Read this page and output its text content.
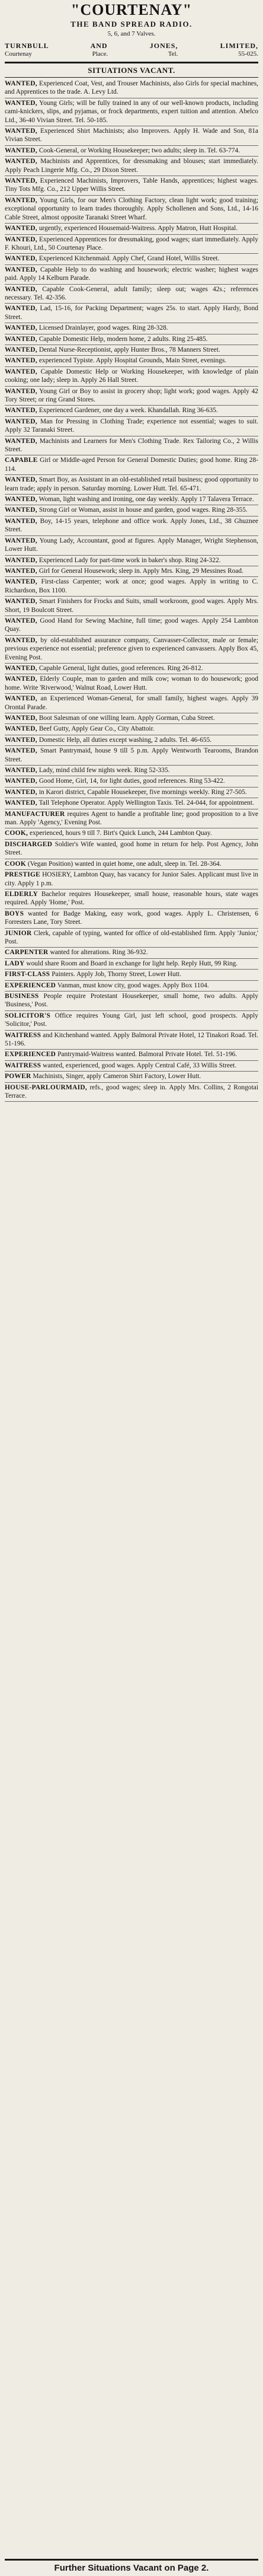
"COURTENAY"
THE BAND SPREAD RADIO.
5, 6, and 7 Valves.
TURNBULL AND JONES, LIMITED,
Courtenay Place. Tel. 55-025.
SITUATIONS VACANT.
WANTED, Experienced Coat, Vest, and Trouser Machinists, also Girls for special machines, and Apprentices to the trade. A. Levy Ltd.
WANTED, Young Girls; will be fully trained in any of our well-known products, including cami-knickers, slips, and pyjamas, or frock departments, expert tuition and attention. Abelco Ltd., 36-40 Vivian Street. Tel. 50-185.
WANTED, Experienced Shirt Machinists; also Improvers. Apply H. Wade and Son, 81a Vivian Street.
WANTED, Cook-General, or Working Housekeeper; two adults; sleep in. Tel. 63-774.
WANTED, Machinists and Apprentices, for dressmaking and blouses; start immediately. Apply Peach Lingerie Mfg. Co., 29 Dixon Street.
WANTED, Experienced Machinists, Improvers, Table Hands, apprentices; highest wages. Tiny Tots Mfg. Co., 212 Upper Willis Street.
WANTED, Young Girls, for our Men's Clothing Factory, clean light work; good training; exceptional opportunity to learn trades thoroughly. Apply Schollenen and Sons, Ltd., 14-16 Cable Street, almost opposite Taranaki Street Wharf.
WANTED, urgently, experienced Housemaid-Waitress. Apply Matron, Hutt Hospital.
WANTED, Experienced Apprentices for dressmaking, good wages; start immediately. Apply F. Khouri, Ltd., 50 Courtenay Place.
WANTED, Experienced Kitchenmaid. Apply Chef, Grand Hotel, Willis Street.
WANTED, Capable Help to do washing and housework; electric washer; highest wages paid. Apply 14 Kelburn Parade.
WANTED, Capable Cook-General, adult family; sleep out; wages 42s.; references necessary. Tel. 42-356.
WANTED, Lad, 15-16, for Packing Department; wages 25s. to start. Apply Hardy, Bond Street.
WANTED, Licensed Drainlayer, good wages. Ring 28-328.
WANTED, Capable Domestic Help, modern home, 2 adults. Ring 25-485.
WANTED, Dental Nurse-Receptionist, apply Hunter Bros., 78 Manners Street.
WANTED, experienced Typiste. Apply Hospital Grounds, Main Street, evenings.
WANTED, Capable Domestic Help or Working Housekeeper, with knowledge of plain cooking; one lady; sleep in. Apply 26 Hall Street.
WANTED, Young Girl or Boy to assist in grocery shop; light work; good wages. Apply 42 Tory Street; or ring Grand Stores.
WANTED, Experienced Gardener, one day a week. Khandallah. Ring 36-635.
WANTED, Man for Pressing in Clothing Trade; experience not essential; wages to suit. Apply 32 Taranaki Street.
WANTED, Machinists and Learners for Men's Clothing Trade. Rex Tailoring Co., 2 Willis Street.
CAPABLE Girl or Middle-aged Person for General Domestic Duties; good home. Ring 28-114.
WANTED, Smart Boy, as Assistant in an old-established retail business; good opportunity to learn trade; apply in person. Saturday morning. Lower Hutt. Tel. 65-471.
WANTED, Woman, light washing and ironing, one day weekly. Apply 17 Talavera Terrace.
WANTED, Strong Girl or Woman, assist in house and garden, good wages. Ring 28-355.
WANTED, Boy, 14-15 years, telephone and office work. Apply Jones, Ltd., 38 Ghuznee Street.
WANTED, Young Lady, Accountant, good at figures. Apply Manager, Wright Stephenson, Lower Hutt.
WANTED, Experienced Lady for part-time work in baker's shop. Ring 24-322.
WANTED, Girl for General Housework; sleep in. Apply Mrs. King, 29 Messines Road.
WANTED, First-class Carpenter; work at once; good wages. Apply in writing to C. Richardson, Box 1100.
WANTED, Smart Finishers for Frocks and Suits, small workroom, good wages. Apply Mrs. Short, 19 Boulcott Street.
WANTED, Good Hand for Sewing Machine, full time; good wages. Apply 254 Lambton Quay.
WANTED, by old-established assurance company, Canvasser-Collector, male or female; previous experience not essential; preference given to experienced canvassers. Apply Box 45, Evening Post.
WANTED, Capable General, light duties, good references. Ring 26-812.
WANTED, Elderly Couple, man to garden and milk cow; woman to do housework; good home. Write 'Riverwood,' Walnut Road, Lower Hutt.
WANTED, an Experienced Woman-General, for small family, highest wages. Apply 39 Orontal Parade.
WANTED, Boot Salesman of one willing learn. Apply Gorman, Cuba Street.
WANTED, Beef Gutty, Apply Gear Co., City Abattoir.
WANTED, Domestic Help, all duties except washing, 2 adults. Tel. 46-655.
WANTED, Smart Pantrymaid, house 9 till 5 p.m. Apply Wentworth Tearooms, Brandon Street.
WANTED, Lady, mind child few nights week. Ring 52-335.
WANTED, Good Home, Girl, 14, for light duties, good references. Ring 53-422.
WANTED, in Karori district, Capable Housekeeper, five mornings weekly. Ring 27-505.
WANTED, Tall Telephone Operator. Apply Wellington Taxis. Tel. 24-044, for appointment.
MANUFACTURER requires Agent to handle a profitable line; good proposition to a live man. Apply 'Agency,' Evening Post.
COOK, experienced, hours 9 till 7. Birt's Quick Lunch, 244 Lambton Quay.
DISCHARGED Soldier's Wife wanted, good home in return for help. Post Agency, John Street.
COOK (Vegan Position) wanted in quiet home, one adult, sleep in. Tel. 28-364.
PRESTIGE HOSIERY, Lambton Quay, has vacancy for Junior Sales. Applicant must live in city. Apply 1 p.m.
ELDERLY Bachelor requires Housekeeper, small house, reasonable hours, state wages required. Apply 'Home,' Post.
BOYS wanted for Badge Making, easy work, good wages. Apply L. Christensen, 6 Forresters Lane, Tory Street.
JUNIOR Clerk, capable of typing, wanted for office of old-established firm. Apply 'Junior,' Post.
CARPENTER wanted for alterations. Ring 36-932.
LADY would share Room and Board in exchange for light help. Reply Hutt, 99 Ring.
FIRST-CLASS Painters. Apply Job, Thorny Street, Lower Hutt.
EXPERIENCED Vanman, must know city, good wages. Apply Box 1104.
BUSINESS People require Protestant Housekeeper, small home, two adults. Apply 'Business,' Post.
SOLICITOR'S Office requires Young Girl, just left school, good prospects. Apply 'Solicitor,' Post.
WAITRESS and Kitchenhand wanted. Apply Balmoral Private Hotel, 12 Tinakori Road. Tel. 51-196.
EXPERIENCED Pantrymaid-Waitress wanted. Balmoral Private Hotel. Tel. 51-196.
WAITRESS wanted, experienced, good wages. Apply Central Café, 33 Willis Street.
POWER Machinists, Singer, apply Cameron Shirt Factory, Lower Hutt.
HOUSE-PARLOURMAID, refs., good wages; sleep in. Apply Mrs. Collins, 2 Rongotai Terrace.
Further Situations Vacant on Page 2.
